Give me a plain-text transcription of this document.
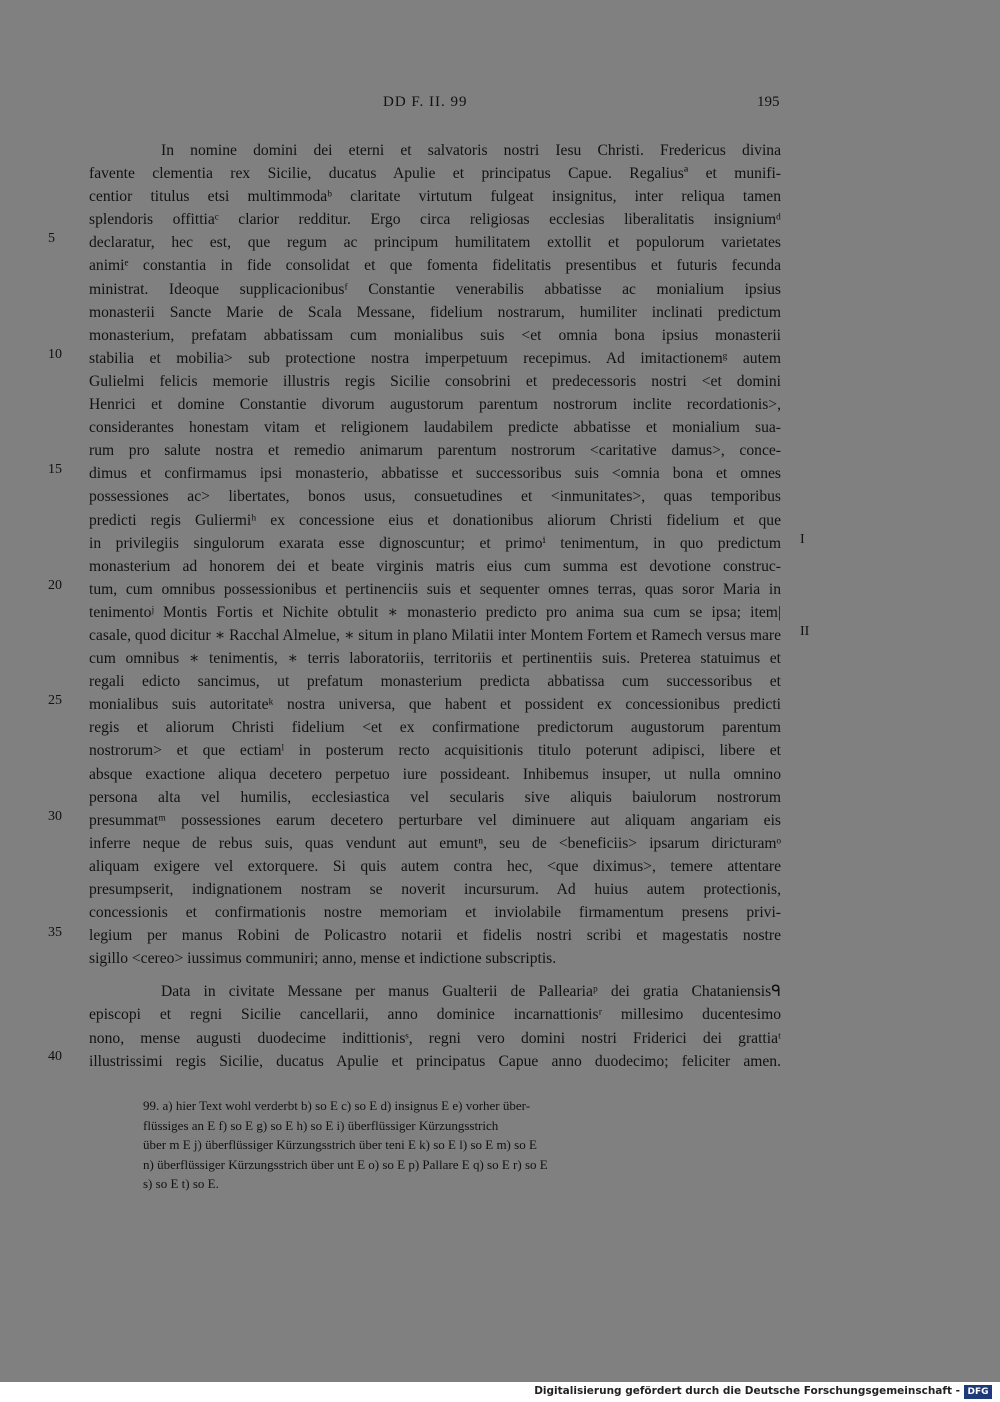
DD F. II. 99	195
5
10
15
20
25
30
35
40
I
II
In nomine domini dei eterni et salvatoris nostri Iesu Christi. Fredericus divina
favente clementia rex Sicilie, ducatus Apulie et principatus Capue. Regaliusª et munifi-
centior titulus etsi multimmodaᵇ claritate virtutum fulgeat insignitus, inter reliqua tamen
splendoris offittiaᶜ clarior redditur. Ergo circa religiosas ecclesias liberalitatis insigniumᵈ
declaratur, hec est, que regum ac principum humilitatem extollit et populorum varietates
animiᵉ constantia in fide consolidat et que fomenta fidelitatis presentibus et futuris fecunda
ministrat. Ideoque supplicacionibusᶠ Constantie venerabilis abbatisse ac monialium ipsius
monasterii Sancte Marie de Scala Messane, fidelium nostrarum, humiliter inclinati predictum
monasterium, prefatam abbatissam cum monialibus suis <et omnia bona ipsius monasterii
stabilia et mobilia> sub protectione nostra imperpetuum recepimus. Ad imitactionemᵍ autem
Gulielmi felicis memorie illustris regis Sicilie consobrini et predecessoris nostri <et domini
Henrici et domine Constantie divorum augustorum parentum nostrorum inclite recordationis>,
considerantes honestam vitam et religionem laudabilem predicte abbatisse et monialium sua-
rum pro salute nostra et remedio animarum parentum nostrorum <caritative damus>, conce-
dimus et confirmamus ipsi monasterio, abbatisse et successoribus suis <omnia bona et omnes
possessiones ac> libertates, bonos usus, consuetudines et <inmunitates>, quas temporibus
predicti regis Guliermiʰ ex concessione eius et donationibus aliorum Christi fidelium et que
in privilegiis singulorum exarata esse dignoscuntur; et primoⁱ tenimentum, in quo predictum
monasterium ad honorem dei et beate virginis matris eius cum summa est devotione construc-
tum, cum omnibus possessionibus et pertinenciis suis et sequenter omnes terras, quas soror Maria in
tenimentoʲ Montis Fortis et Nichite obtulit ∗ monasterio predicto pro anima sua cum se ipsa; item|
casale, quod dicitur ∗ Racchal Almelue, ∗ situm in plano Milatii inter Montem Fortem et Ramech versus mare
cum omnibus ∗ tenimentis, ∗ terris laboratoriis, territoriis et pertinentiis suis. Preterea statuimus et
regali edicto sancimus, ut prefatum monasterium predicta abbatissa cum successoribus et
monialibus suis autoritateᵏ nostra universa, que habent et possident ex concessionibus predicti
regis et aliorum Christi fidelium <et ex confirmatione predictorum augustorum parentum
nostrorum> et que ectiamˡ in posterum recto acquisitionis titulo poterunt adipisci, libere et
absque exactione aliqua decetero perpetuo iure possideant. Inhibemus insuper, ut nulla omnino
persona alta vel humilis, ecclesiastica vel secularis sive aliquis baiulorum nostrorum
presummatᵐ possessiones earum decetero perturbare vel diminuere aut aliquam angariam eis
inferre neque de rebus suis, quas vendunt aut emuntⁿ, seu de <beneficiis> ipsarum diricturamᵒ
aliquam exigere vel extorquere. Si quis autem contra hec, <que diximus>, temere attentare
presumpserit, indignationem nostram se noverit incursurum. Ad huius autem protectionis,
concessionis et confirmationis nostre memoriam et inviolabile firmamentum presens privi-
legium per manus Robini de Policastro notarii et fidelis nostri scribi et magestatis nostre
sigillo <cereo> iussimus communiri; anno, mense et indictione subscriptis.
Data in civitate Messane per manus Gualterii de Palleariaᵖ dei gratia Chataniensisᑫ
episcopi et regni Sicilie cancellarii, anno dominice incarnattionisʳ millesimo ducentesimo
nono, mense augusti duodecime indittionisˢ, regni vero domini nostri Friderici dei grattiaᵗ
illustrissimi regis Sicilie, ducatus Apulie et principatus Capue anno duodecimo; feliciter amen.
99. a) hier Text wohl verderbt b) so E c) so E d) insignus E e) vorher über-
flüssiges an E f) so E g) so E h) so E i) überflüssiger Kürzungsstrich
über m E j) überflüssiger Kürzungsstrich über teni E k) so E l) so E m) so E
n) überflüssiger Kürzungsstrich über unt E o) so E p) Pallare E q) so E r) so E
s) so E t) so E.
Digitalisierung gefördert durch die Deutsche Forschungsgemeinschaft - DFG
